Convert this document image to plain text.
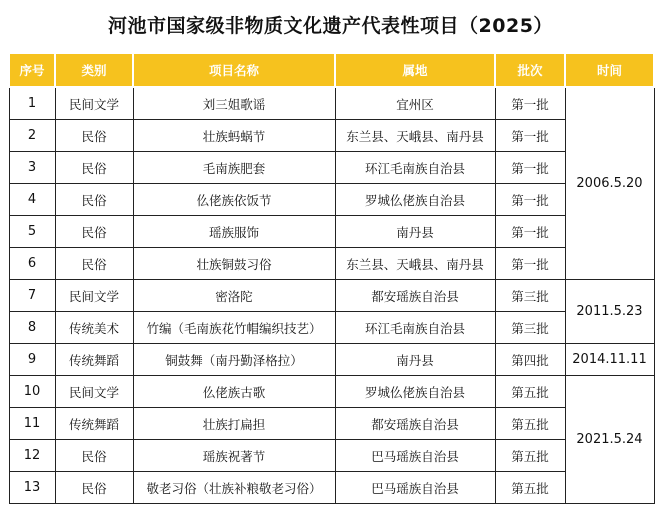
河池市国家级非物质文化遗产代表性项目（2025）
序号	类别	项目名称	属地	批次	时间
1	民间文学	刘三姐歌谣	宜州区	第一批	2006.5.20
2	民俗	壮族蚂蜗节	东兰县、天峨县、南丹县	第一批	
3	民俗	毛南族肥套	环江毛南族自治县	第一批	
4	民俗	仫佬族依饭节	罗城仫佬族自治县	第一批	
5	民俗	瑶族服饰	南丹县	第一批	
6	民俗	壮族铜鼓习俗	东兰县、天峨县、南丹县	第一批	
7	民间文学	密洛陀	都安瑶族自治县	第三批	2011.5.23
8	传统美术	竹编（毛南族花竹帽编织技艺）	环江毛南族自治县	第三批	
9	传统舞蹈	铜鼓舞（南丹勤泽格拉）	南丹县	第四批	2014.11.11
10	民间文学	仫佬族古歌	罗城仫佬族自治县	第五批	2021.5.24
11	传统舞蹈	壮族打扁担	都安瑶族自治县	第五批	
12	民俗	瑶族祝著节	巴马瑶族自治县	第五批	
13	民俗	敬老习俗（壮族补粮敬老习俗）	巴马瑶族自治县	第五批	
